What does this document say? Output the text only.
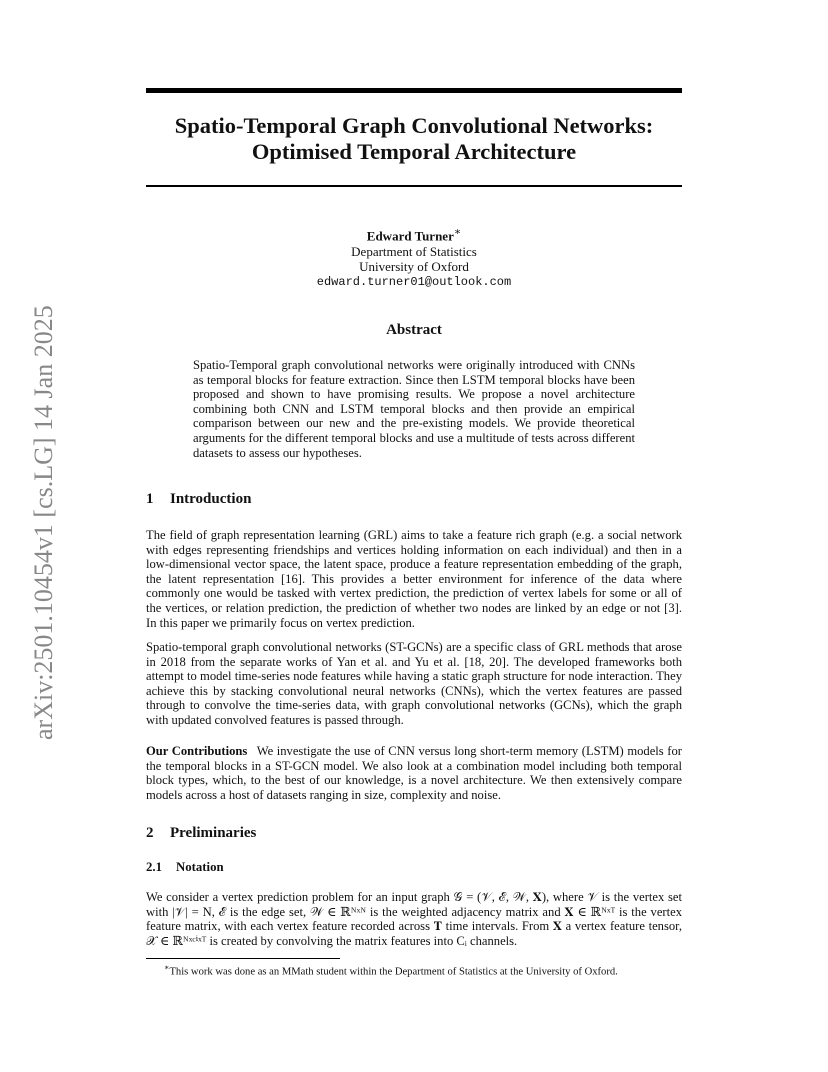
Spatio-Temporal Graph Convolutional Networks:
Optimised Temporal Architecture
arXiv:2501.10454v1 [cs.LG] 14 Jan 2025
Edward Turner∗
Department of Statistics
University of Oxford
edward.turner01@outlook.com
Abstract

Spatio-Temporal graph convolutional networks were originally introduced with CNNs as temporal blocks for feature extraction. Since then LSTM temporal blocks have been proposed and shown to have promising results. We propose a novel architecture combining both CNN and LSTM temporal blocks and then provide an empirical comparison between our new and the pre-existing models. We provide theoretical arguments for the different temporal blocks and use a multitude of tests across different datasets to assess our hypotheses.

1 Introduction

The field of graph representation learning (GRL) aims to take a feature rich graph (e.g. a social network with edges representing friendships and vertices holding information on each individual) and then in a low-dimensional vector space, the latent space, produce a feature representation embedding of the graph, the latent representation [16]. This provides a better environment for inference of the data where commonly one would be tasked with vertex prediction, the prediction of vertex labels for some or all of the vertices, or relation prediction, the prediction of whether two nodes are linked by an edge or not [3]. In this paper we primarily focus on vertex prediction.

Spatio-temporal graph convolutional networks (ST-GCNs) are a specific class of GRL methods that arose in 2018 from the separate works of Yan et al. and Yu et al. [18, 20]. The developed frameworks both attempt to model time-series node features while having a static graph structure for node interaction. They achieve this by stacking convolutional neural networks (CNNs), which the vertex features are passed through to convolve the time-series data, with graph convolutional networks (GCNs), which the graph with updated convolved features is passed through.

Our Contributions We investigate the use of CNN versus long short-term memory (LSTM) models for the temporal blocks in a ST-GCN model. We also look at a combination model including both temporal block types, which, to the best of our knowledge, is a novel architecture. We then extensively compare models across a host of datasets ranging in size, complexity and noise.

2 Preliminaries
2.1 Notation

We consider a vertex prediction problem for an input graph 𝒢 = (𝒱, ℰ, 𝒲, 𝐗), where 𝒱 is the vertex set with |𝒱| = N, ℰ is the edge set, 𝒲 ∈ ℝᴺˣᴺ is the weighted adjacency matrix and 𝐗 ∈ ℝᴺˣᵀ is the vertex feature matrix, with each vertex feature recorded across 𝐓 time intervals. From 𝐗 a vertex feature tensor, 𝒳 ∈ ℝᴺˣᶜⁱˣᵀ is created by convolving the matrix features into Cᵢ channels.

∗This work was done as an MMath student within the Department of Statistics at the University of Oxford.
